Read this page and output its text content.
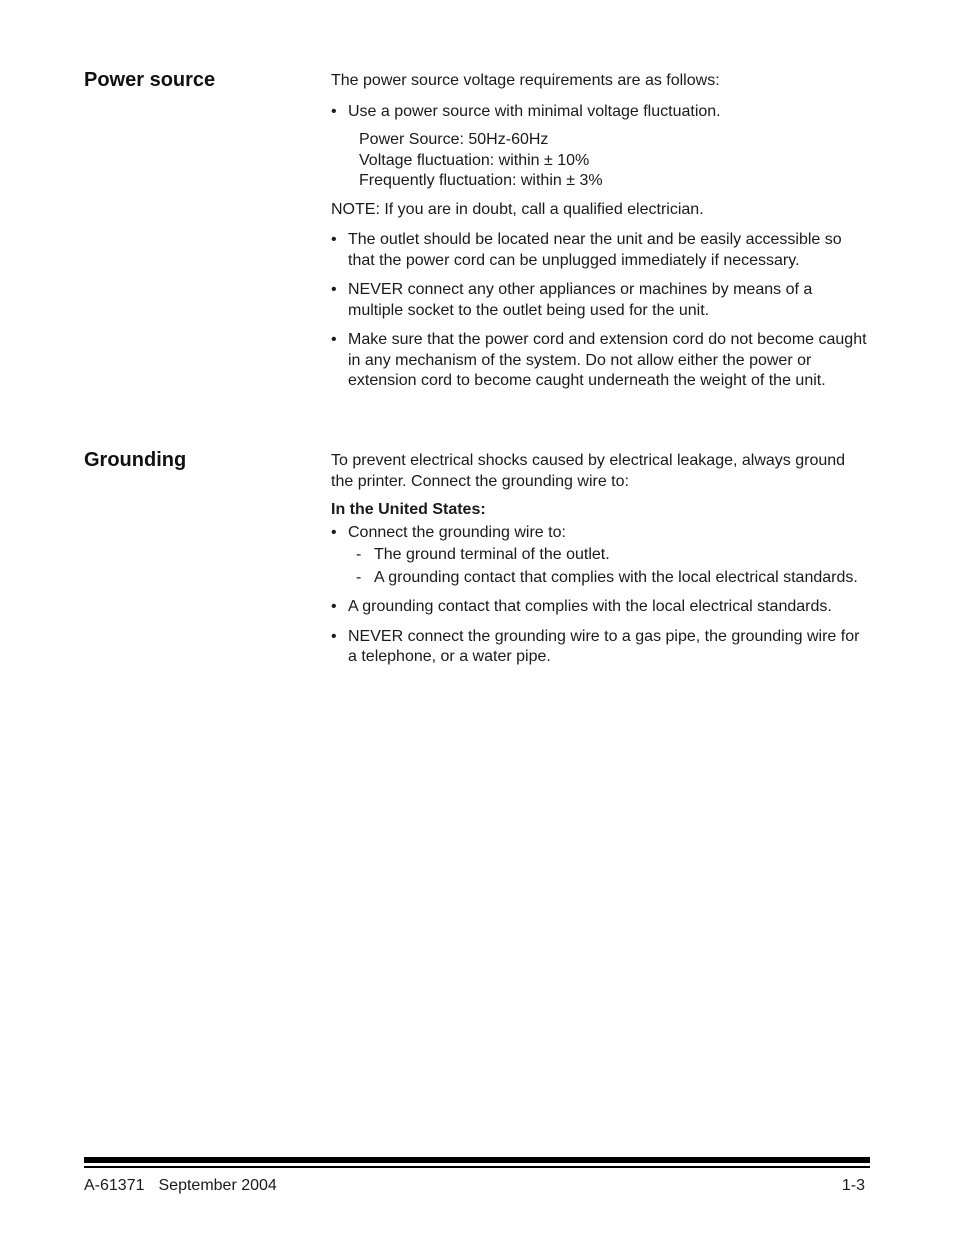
Power source	The power source voltage requirements are as follows:

• Use a power source with minimal voltage fluctuation.

Power Source: 50Hz-60Hz

Voltage fluctuation: within ± 10%

Frequently fluctuation: within ± 3%

NOTE: If you are in doubt, call a qualified electrician.

• The outlet should be located near the unit and be easily accessible so that the power cord can be unplugged immediately if necessary.

• NEVER connect any other appliances or machines by means of a multiple socket to the outlet being used for the unit.

• Make sure that the power cord and extension cord do not become caught in any mechanism of the system. Do not allow either the power or extension cord to become caught underneath the weight of the unit.

Grounding	To prevent electrical shocks caused by electrical leakage, always ground the printer. Connect the grounding wire to:

In the United States:

• Connect the grounding wire to:

- The ground terminal of the outlet.

- A grounding contact that complies with the local electrical standards.

• A grounding contact that complies with the local electrical standards.

• NEVER connect the grounding wire to a gas pipe, the grounding wire for a telephone, or a water pipe.

A-61371 September 2004	1-3
